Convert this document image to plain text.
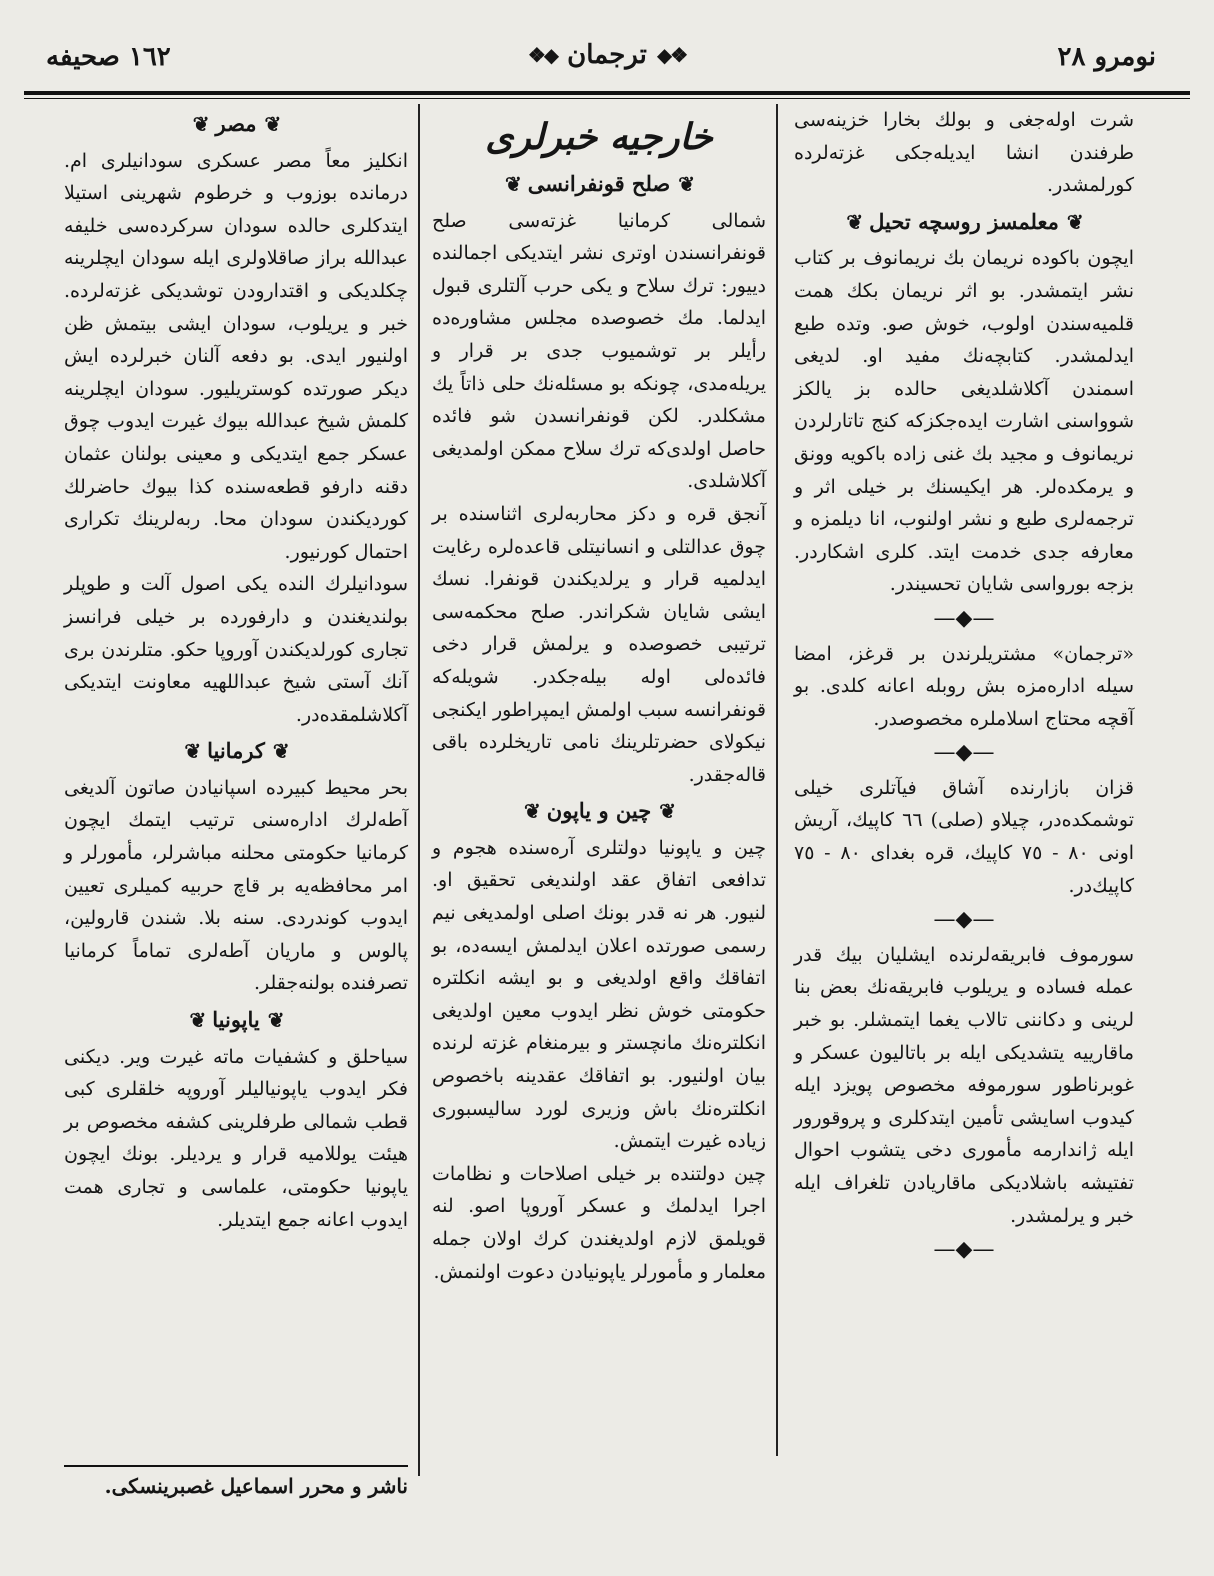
نومرو ٢٨
❖◆
ترجمان
◆❖
١٦٢ صحيفه

شرت اوله‌جغی و بولك بخارا خزینه‌سی طرفندن انشا ایدیله‌جکی غزته‌لرده کورلمشدر.

❦
معلمسز روسچه تحیل
❦

ایچون باکوده نریمان بك نریمانوف بر کتاب نشر ایتمشدر. بو اثر نریمان بکك همت قلمیه‌سندن اولوب، خوش صو. وتده طبع ایدلمشدر. کتابچه‌نك مفید او. لدیغی اسمندن آکلاشلدیغی حالده بز یالکز شوواسنی اشارت ایده‌جکزکه کنج تاتارلردن نریمانوف و مجید بك غنی زاده باکویه وونق و یرمکده‌لر. هر ایکیسنك بر خیلی اثر و ترجمه‌لری طبع و نشر اولنوب، انا دیلمزه و معارفه جدی خدمت ایتد. کلری اشکاردر. بزجه بورواسی شایان تحسیندر.

—◆—

«ترجمان» مشتریلرندن بر قرغز، امضا سیله اداره‌مزه بش روبله اعانه کلدی. بو آقچه محتاج اسلاملره مخصوصدر.

—◆—

قزان بازارنده آشاق فیآتلری خیلی توشمکده‌در، چیلاو (صلی) ٦٦ کاپیك، آریش اونی ٨٠ - ٧٥ کاپیك، قره بغدای ٨٠ - ٧٥ کاپیك‌در.

—◆—

سورموف فابریقه‌لرنده ایشلیان بیك قدر عمله فساده و یریلوب فابریقه‌نك بعض بنا لرینی و دکاننی تالاب یغما ایتمشلر. بو خبر ماقارییه یتشدیکی ایله بر باتالیون عسکر و غوبرناطور سورموفه مخصوص پویزد ایله کیدوب اسایشی تأمین ایتدکلری و پروقورور ایله ژاندارمه مأموری دخی یتشوب احوال تفتیشه باشلادیکی ماقاریادن تلغراف ایله خبر و یرلمشدر.

—◆—
خارجیه خبرلری
❦
صلح قونفرانسی
❦

شمالی کرمانیا غزته‌سی صلح قونفرانسندن اوتری نشر ایتدیکی اجمالنده دییور: ترك سلاح و یکی حرب آلتلری قبول ایدلما. مك خصوصده مجلس مشاوره‌ده رأیلر بر توشمیوب جدی بر قرار و یریله‌مدی، چونکه بو مسئله‌نك حلی ذاتاً یك مشکلدر. لکن قونفرانسدن شو فائده حاصل اولدی‌که ترك سلاح ممکن اولمدیغی آکلاشلدی.

آنجق قره و دکز محاربه‌لری اثناسنده بر چوق عدالتلی و انسانیتلی قاعده‌لره رغایت ایدلمیه قرار و یرلدیکندن قونفرا. نسك ایشی شایان شکراندر. صلح محکمه‌سی ترتیبی خصوصده و یرلمش قرار دخی فائده‌لی اوله بیله‌جکدر. شویله‌که قونفرانسه سبب اولمش ایمپراطور ایکنجی نیکولای حضرتلرینك نامی تاریخلرده باقی قاله‌جقدر.

❦
چین و یاپون
❦

چین و یاپونیا دولتلری آره‌سنده هجوم و تدافعی اتفاق عقد اولندیغی تحقیق او. لنیور. هر نه قدر بونك اصلی اولمدیغی نیم رسمی صورتده اعلان ایدلمش ایسه‌ده، بو اتفاقك واقع اولدیغی و بو ایشه انکلتره حکومتی خوش نظر ایدوب معین اولدیغی انکلتره‌نك مانچستر و بیرمنغام غزته لرنده بیان اولنیور. بو اتفاقك عقدینه باخصوص انکلتره‌نك باش وزیری لورد سالیسبوری زیاده غیرت ایتمش.

چین دولتنده بر خیلی اصلاحات و نظامات اجرا ایدلمك و عسکر آوروپا اصو. لنه قویلمق لازم اولدیغندن کرك اولان جمله معلمار و مأمورلر یاپونیادن دعوت اولنمش.

❦
مصر
❦

انکلیز معاً مصر عسکری سودانیلری ام. درمانده بوزوب و خرطوم شهرینی استیلا ایتدکلری حالده سودان سرکرده‌سی خلیفه عبدالله براز صاقلاولری ایله سودان ایچلرینه چکلدیکی و اقتدارودن توشدیکی غزته‌لرده. خبر و یریلوب، سودان ایشی بیتمش ظن اولنیور ایدی. بو دفعه آلنان خبرلرده ایش دیکر صورتده کوستریلیور. سودان ایچلرینه کلمش شیخ عبدالله بیوك غیرت ایدوب چوق عسکر جمع ایتدیکی و معینی بولنان عثمان دقنه دارفو قطعه‌سنده کذا بیوك حاضرلك کوردیکندن سودان محا. ربه‌لرینك تکراری احتمال کورنیور.

سودانیلرك النده یکی اصول آلت و طوپلر بولندیغندن و دارفورده بر خیلی فرانسز تجاری کورلدیکندن آوروپا حکو. متلرندن بری آنك آستی شیخ عبداللهیه معاونت ایتدیکی آکلاشلمقده‌در.

❦
کرمانیا
❦

بحر محیط کبیرده اسپانیادن صاتون آلدیغی آطه‌لرك اداره‌سنی ترتیب ایتمك ایچون کرمانیا حکومتی محلنه مباشرلر، مأمورلر و امر محافظه‌یه بر قاچ حربیه کمیلری تعیین ایدوب کوندردی. سنه بلا. شندن قارولین، پالوس و ماریان آطه‌لری تماماً کرمانیا تصرفنده بولنه‌جقلر.

❦
یاپونیا
❦

سیاحلق و کشفیات ماته غیرت ویر. دیکنی فکر ایدوب یاپونیالیلر آوروپه خلقلری کبی قطب شمالی طرفلرینی کشفه مخصوص بر هیئت یوللامیه قرار و یردیلر. بونك ایچون یاپونیا حکومتی، علماسی و تجاری همت ایدوب اعانه جمع ایتدیلر.

ناشر و محرر اسماعیل غصبرینسکی.
